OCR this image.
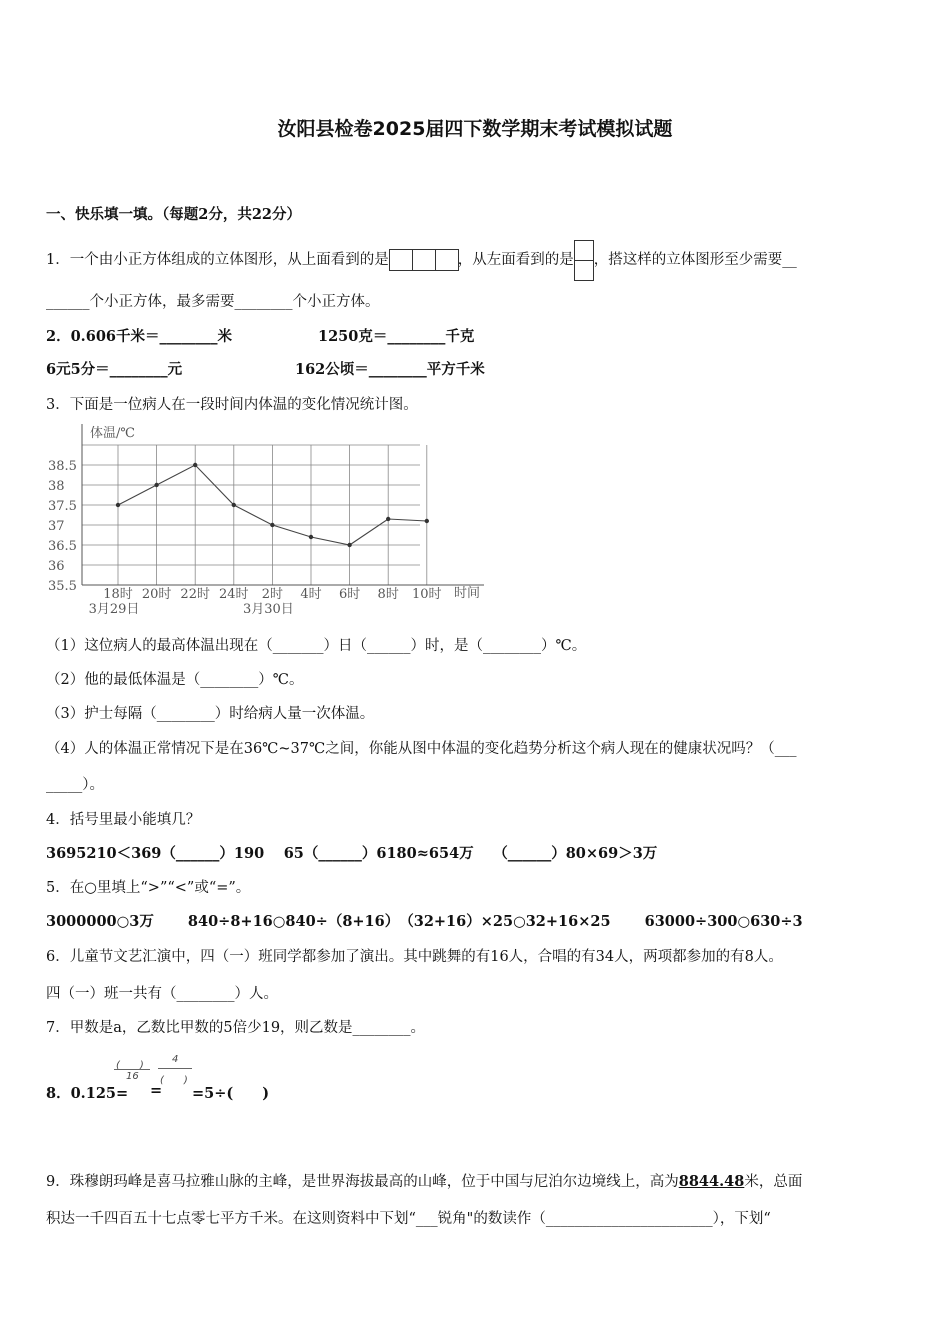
汝阳县检卷2025届四下数学期末考试模拟试题
一、快乐填一填。（每题2分，共22分）
1．一个由小正方体组成的立体图形，从上面看到的是	，从左面看到的是 ，搭这样的立体图形至少需要__
______个小正方体，最多需要________个小正方体。
2．0.606千米＝________米	1250克＝________千克
6元5分＝________元	162公顷＝________平方千米
3．下面是一位病人在一段时间内体温的变化情况统计图。
体温/℃
时间
38.5
38
37.5
37
36.5
36
35.5
18时 20时 22时 24时 2时 4时 6时 8时 10时
3月29日	3月30日
（1）这位病人的最高体温出现在（_______）日（______）时，是（________）℃。
（2）他的最低体温是（________）℃。
（3）护士每隔（________）时给病人量一次体温。
（4）人的体温正常情况下是在36℃~37℃之间，你能从图中体温的变化趋势分析这个病人现在的健康状况吗？（___
_____）。
4．括号里最小能填几？
3695210＜369（______）190　 65（______）6180≈654万　 （______）80×69＞3万
5．在○里填上“>”“<”或“=”。
3000000○3万　　 840÷8+16○840÷（8+16）　（32+16）×25○32+16×25　　 63000÷300○630÷3
6．儿童节文艺汇演中，四（一）班同学都参加了演出。其中跳舞的有16人，合唱的有34人，两项都参加的有8人。
四（一）班一共有（________）人。
7．甲数是a，乙数比甲数的5倍少19，则乙数是________。
(　　)
16
4
(　　)
8．0.125= = =5÷(　　)
9．珠穆朗玛峰是喜马拉雅山脉的主峰，是世界海拔最高的山峰，位于中国与尼泊尔边境线上，高为8844.48米，总面
积达一千四百五十七点零七平方千米。在这则资料中下划“___锐角"的数读作（_______________________），下划“
